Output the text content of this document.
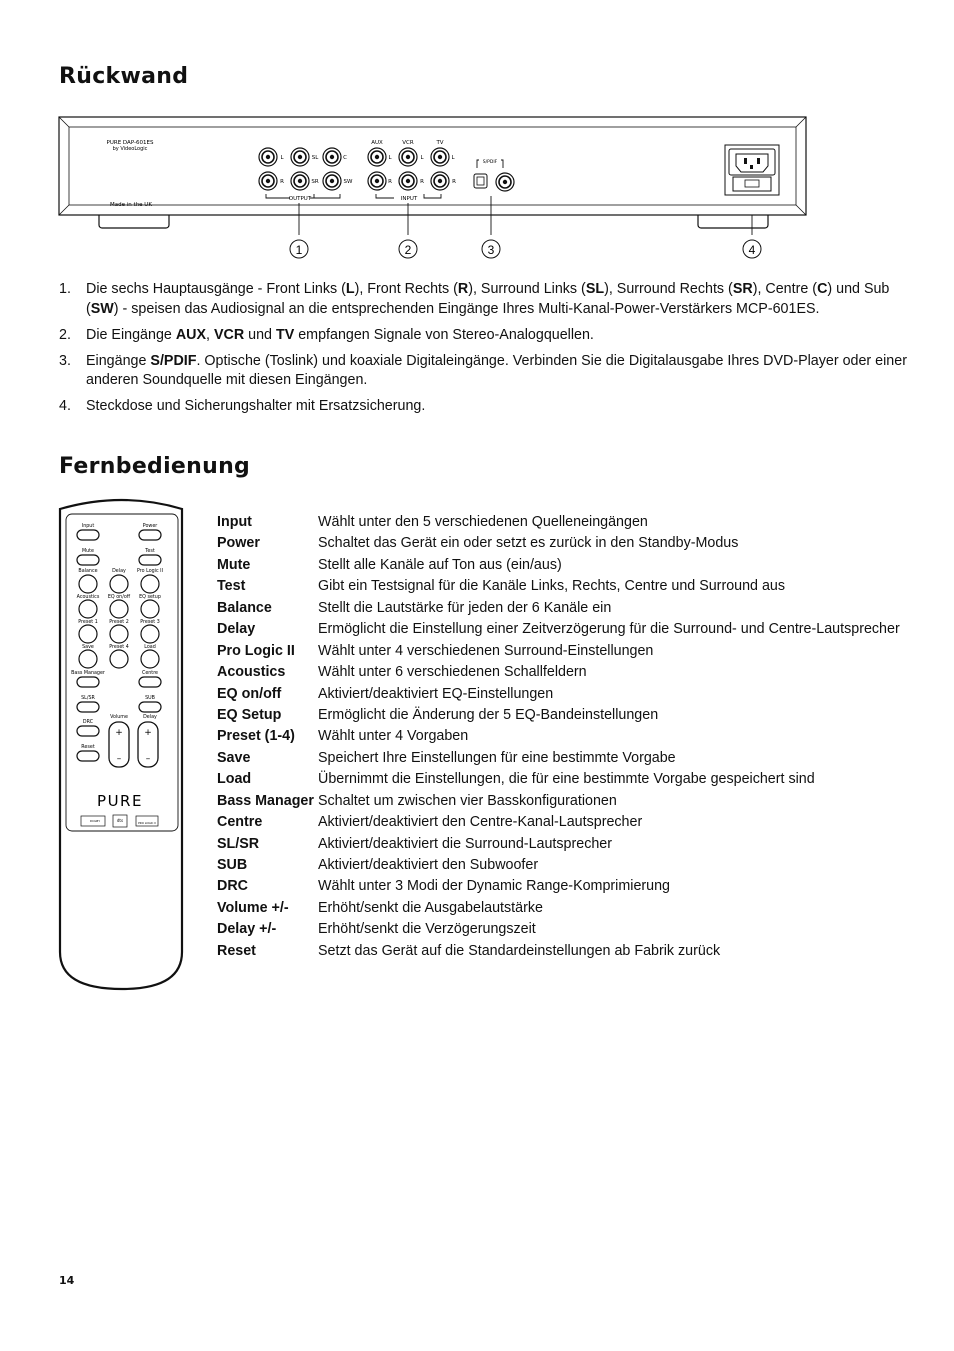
Rückwand
PURE DAP-601ES
by VideoLogic
Made in the UK
L	SL	C
R	SR	SW
L	L	L
R	R	R
OUTPUT	INPUT
AUX	VCR	TV
S/PDIF
1	2	3	4
1.	Die sechs Hauptausgänge - Front Links (L), Front Rechts (R), Surround Links (SL), Surround Rechts (SR), Centre (C) und Sub (SW) - speisen das Audiosignal an die entsprechenden Eingänge Ihres Multi-Kanal-Power-Verstärkers MCP-601ES.
2.	Die Eingänge AUX, VCR und TV empfangen Signale von Stereo-Analogquellen.
3.	Eingänge S/PDIF. Optische (Toslink) und koaxiale Digitaleingänge. Verbinden Sie die Digitalausgabe Ihres DVD-Player oder einer anderen Soundquelle mit diesen Eingängen.
4.	Steckdose und Sicherungshalter mit Ersatzsicherung.
Fernbedienung
Input	Power
Mute	Test
Balance	Delay Pro Logic II
Acoustics EQ on/off EQ setup
Preset 1 Preset 2 Preset 3
Save	Preset 4	Load
Bass Manager	Centre
SL/SR	SUB
DRC
Volume	Delay
Reset
+
–
+
–
PURE
DOLBY	dts	PRO LOGIC II
Input	Wählt unter den 5 verschiedenen Quelleneingängen
Power	Schaltet das Gerät ein oder setzt es zurück in den Standby-Modus
Mute	Stellt alle Kanäle auf Ton aus (ein/aus)
Test	Gibt ein Testsignal für die Kanäle Links, Rechts, Centre und Surround aus
Balance	Stellt die Lautstärke für jeden der 6 Kanäle ein
Delay	Ermöglicht die Einstellung einer Zeitverzögerung für die Surround- und Centre-Lautsprecher
Pro Logic II	Wählt unter 4 verschiedenen Surround-Einstellungen
Acoustics	Wählt unter 6 verschiedenen Schallfeldern
EQ on/off	Aktiviert/deaktiviert EQ-Einstellungen
EQ Setup	Ermöglicht die Änderung der 5 EQ-Bandeinstellungen
Preset (1-4)	Wählt unter 4 Vorgaben
Save	Speichert Ihre Einstellungen für eine bestimmte Vorgabe
Load	Übernimmt die Einstellungen, die für eine bestimmte Vorgabe gespeichert sind
Bass Manager Schaltet um zwischen vier Basskonfigurationen
Centre	Aktiviert/deaktiviert den Centre-Kanal-Lautsprecher
SL/SR	Aktiviert/deaktiviert die Surround-Lautsprecher
SUB	Aktiviert/deaktiviert den Subwoofer
DRC	Wählt unter 3 Modi der Dynamic Range-Komprimierung
Volume +/-	Erhöht/senkt die Ausgabelautstärke
Delay +/-	Erhöht/senkt die Verzögerungszeit
Reset	Setzt das Gerät auf die Standardeinstellungen ab Fabrik zurück
14
